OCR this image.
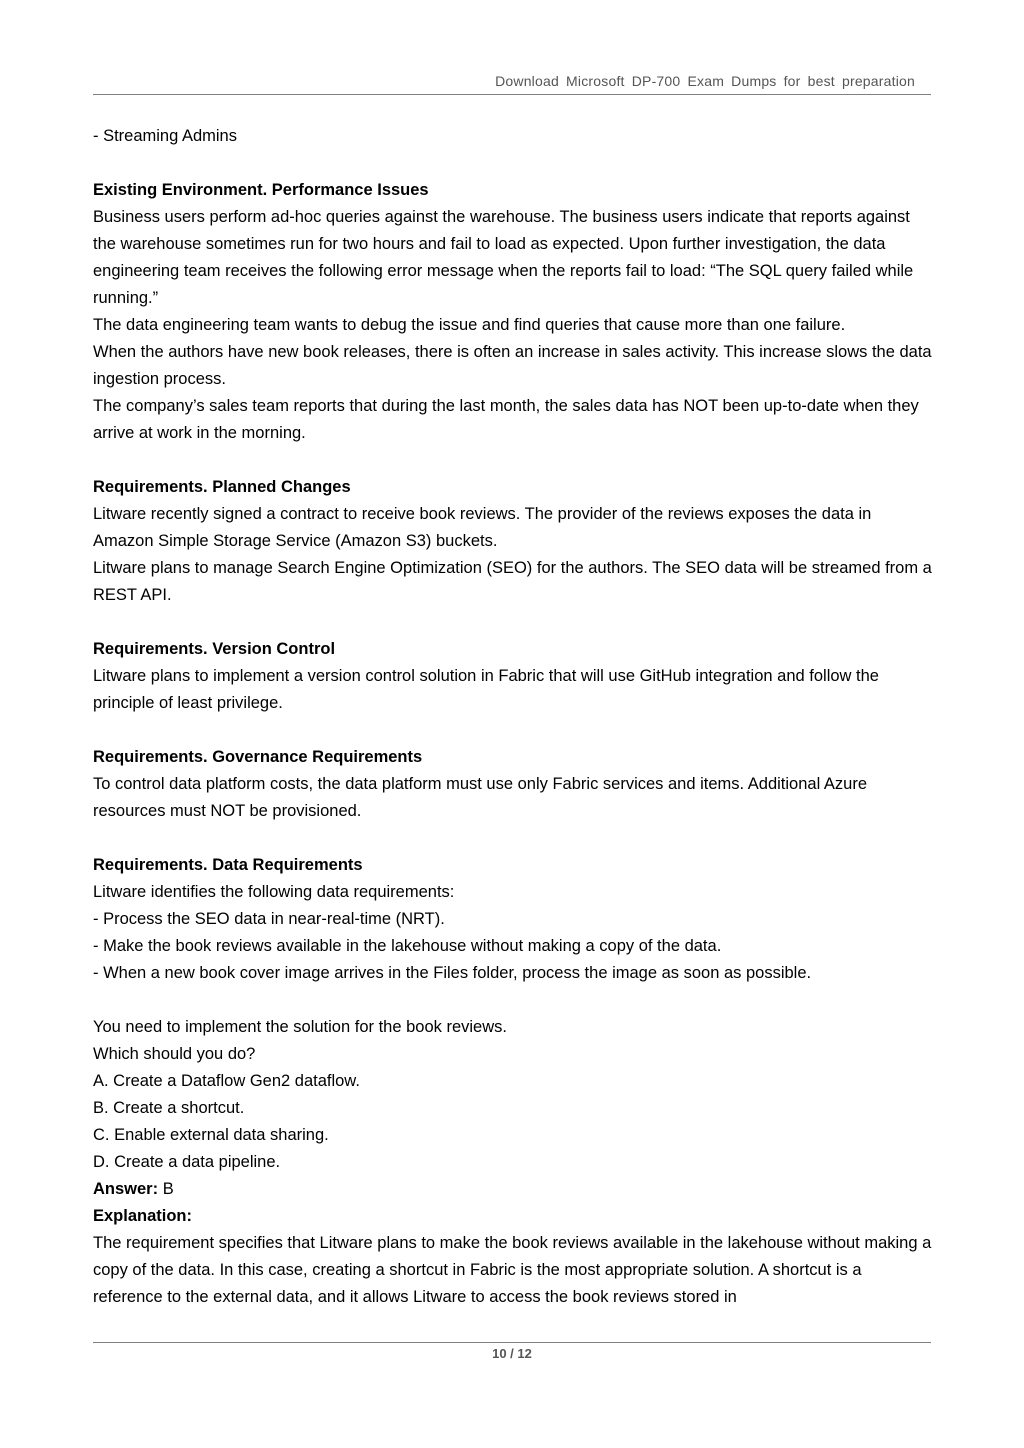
Download Microsoft DP-700 Exam Dumps for best preparation

- Streaming Admins

Existing Environment. Performance Issues

Business users perform ad-hoc queries against the warehouse. The business users indicate that reports against the warehouse sometimes run for two hours and fail to load as expected. Upon further investigation, the data engineering team receives the following error message when the reports fail to load: “The SQL query failed while running.”

The data engineering team wants to debug the issue and find queries that cause more than one failure.

When the authors have new book releases, there is often an increase in sales activity. This increase slows the data ingestion process.

The company’s sales team reports that during the last month, the sales data has NOT been up-to-date when they arrive at work in the morning.

Requirements. Planned Changes

Litware recently signed a contract to receive book reviews. The provider of the reviews exposes the data in Amazon Simple Storage Service (Amazon S3) buckets.

Litware plans to manage Search Engine Optimization (SEO) for the authors. The SEO data will be streamed from a REST API.

Requirements. Version Control

Litware plans to implement a version control solution in Fabric that will use GitHub integration and follow the principle of least privilege.

Requirements. Governance Requirements

To control data platform costs, the data platform must use only Fabric services and items. Additional Azure resources must NOT be provisioned.

Requirements. Data Requirements

Litware identifies the following data requirements:

- Process the SEO data in near-real-time (NRT).

- Make the book reviews available in the lakehouse without making a copy of the data.

- When a new book cover image arrives in the Files folder, process the image as soon as possible.

You need to implement the solution for the book reviews.

Which should you do?

A. Create a Dataflow Gen2 dataflow.

B. Create a shortcut.

C. Enable external data sharing.

D. Create a data pipeline.

Answer: B

Explanation:

The requirement specifies that Litware plans to make the book reviews available in the lakehouse without making a copy of the data. In this case, creating a shortcut in Fabric is the most appropriate solution. A shortcut is a reference to the external data, and it allows Litware to access the book reviews stored in

10 / 12
